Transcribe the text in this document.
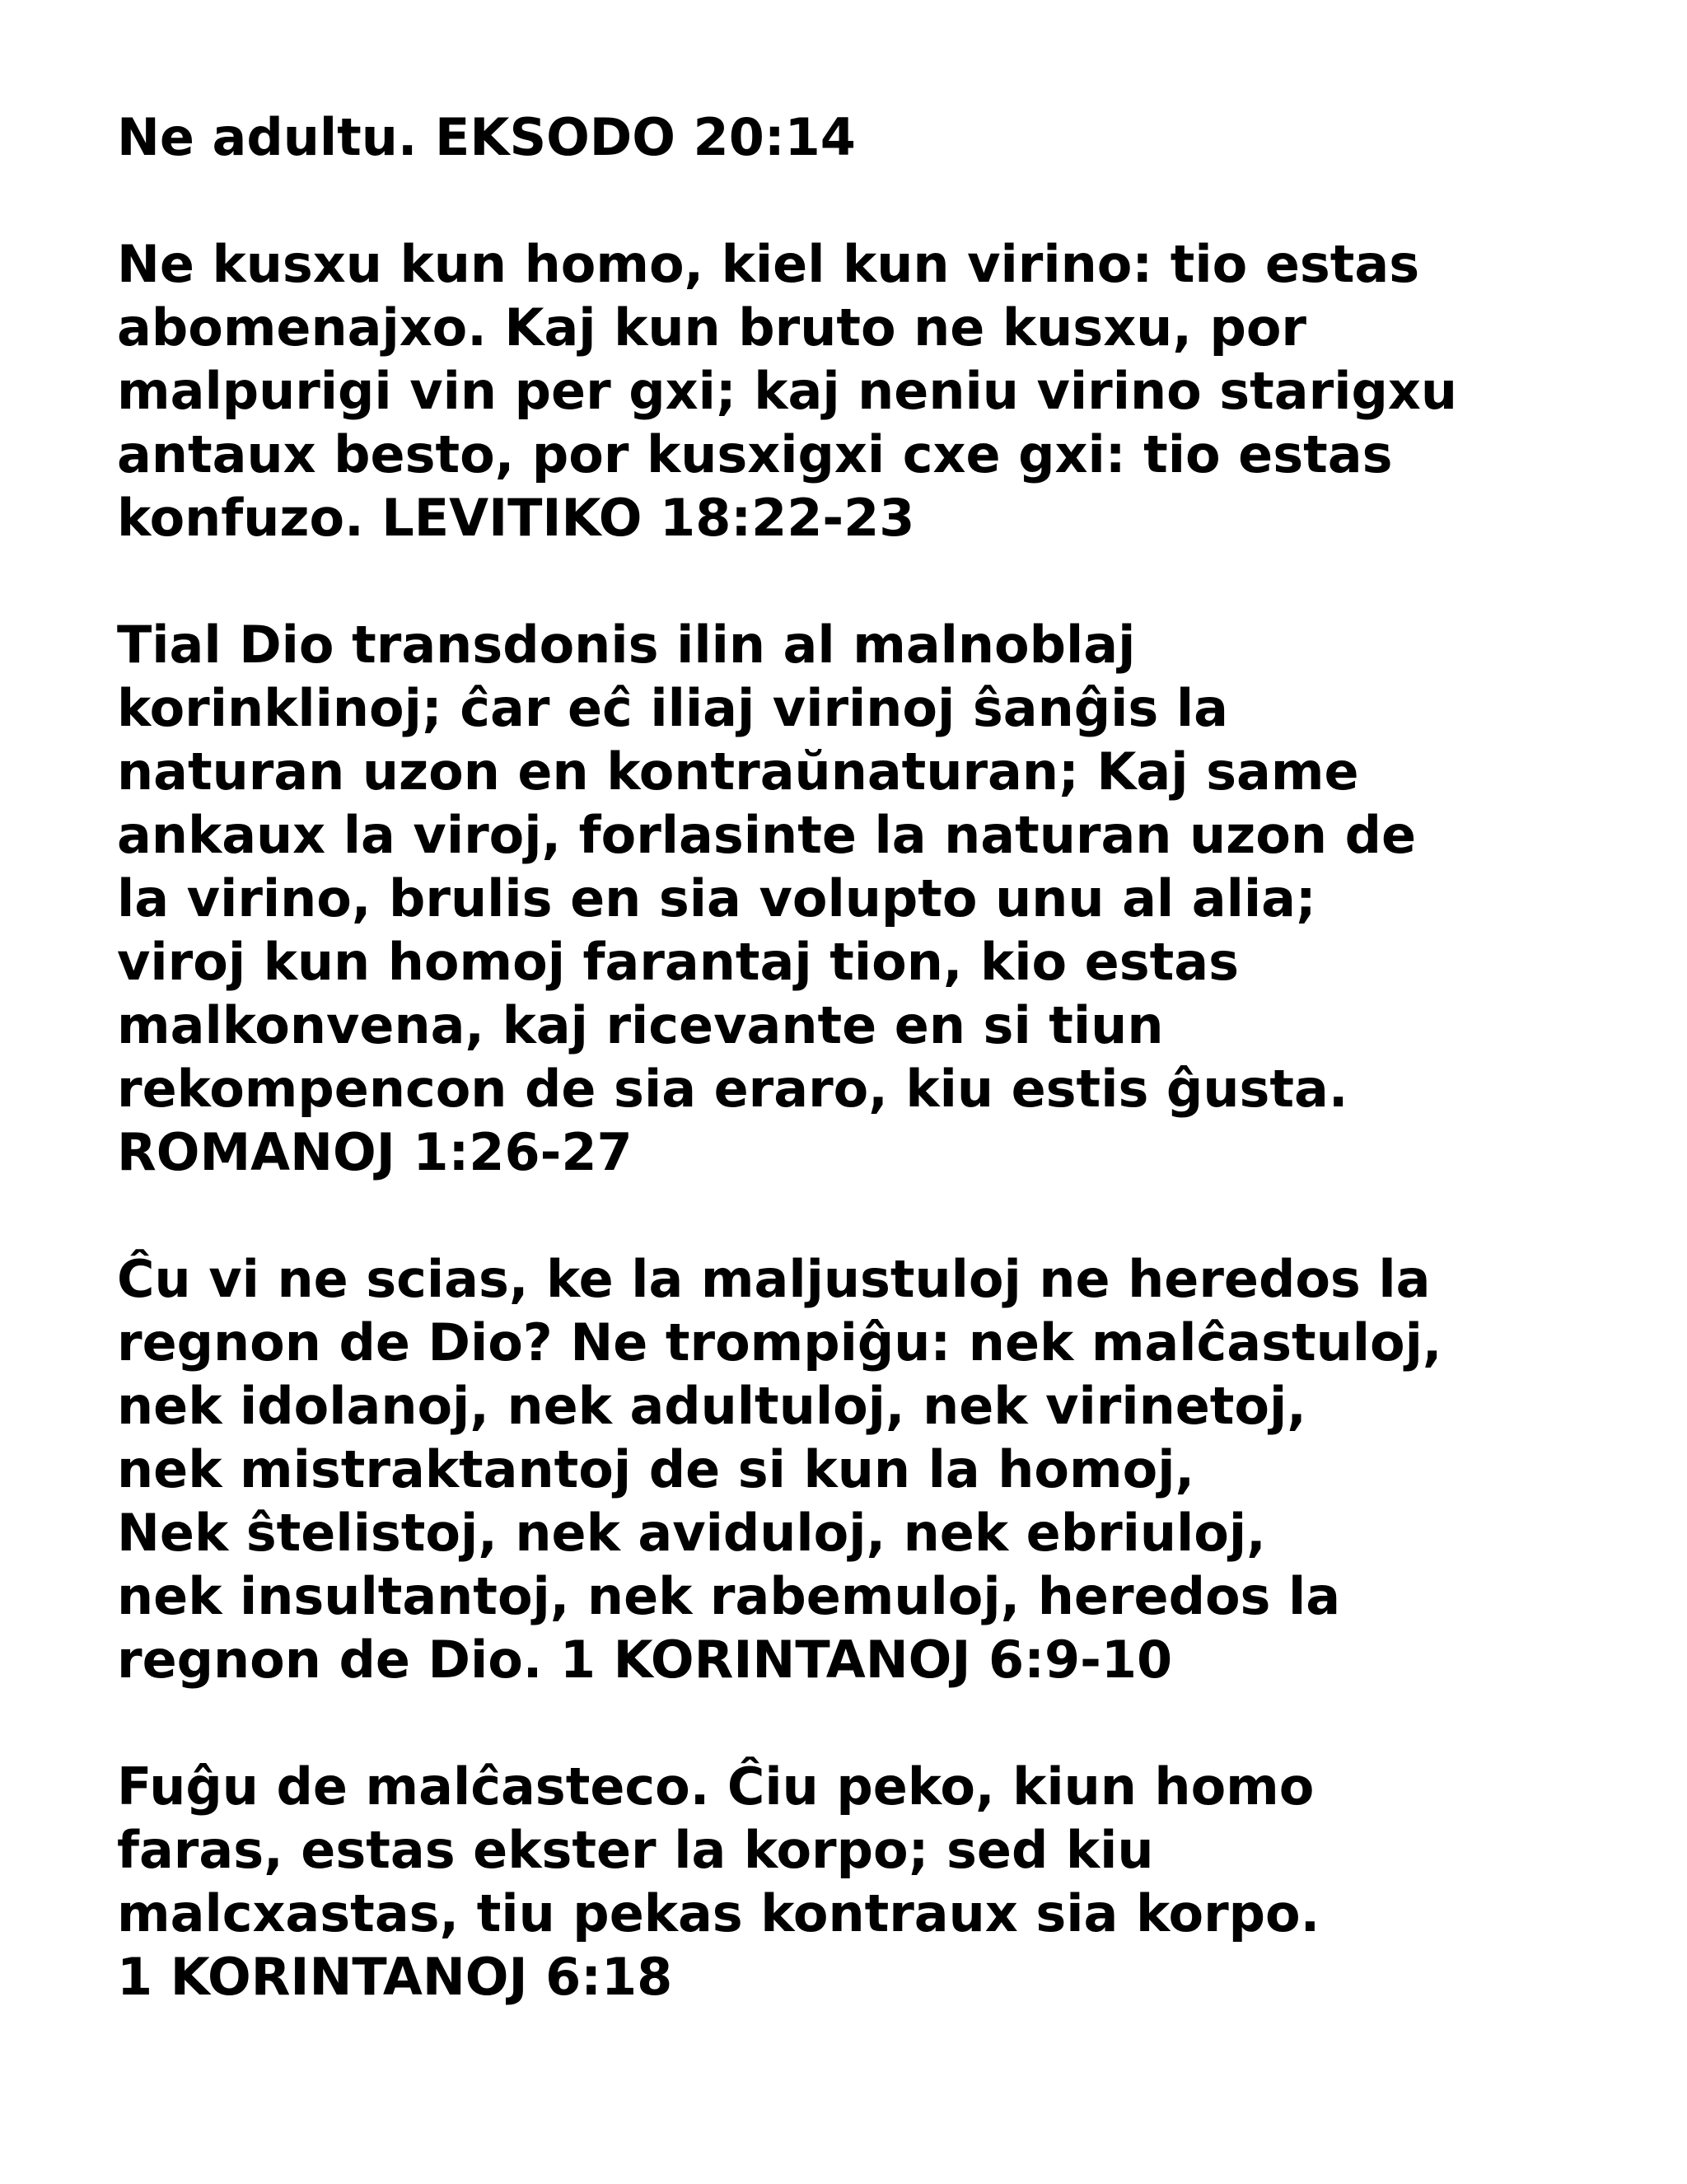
Ne adultu. EKSODO 20:14

Ne kusxu kun homo, kiel kun virino: tio estas
abomenajxo. Kaj kun bruto ne kusxu, por
malpurigi vin per gxi; kaj neniu virino starigxu
antaux besto, por kusxigxi cxe gxi: tio estas
konfuzo. LEVITIKO 18:22-23

Tial Dio transdonis ilin al malnoblaj
korinklinoj; ĉar eĉ iliaj virinoj ŝanĝis la
naturan uzon en kontraŭnaturan; Kaj same
ankaux la viroj, forlasinte la naturan uzon de
la virino, brulis en sia volupto unu al alia;
viroj kun homoj farantaj tion, kio estas
malkonvena, kaj ricevante en si tiun
rekompencon de sia eraro, kiu estis ĝusta.
ROMANOJ 1:26-27

Ĉu vi ne scias, ke la maljustuloj ne heredos la
regnon de Dio? Ne trompiĝu: nek malĉastuloj,
nek idolanoj, nek adultuloj, nek virinetoj,
nek mistraktantoj de si kun la homoj,
Nek ŝtelistoj, nek aviduloj, nek ebriuloj,
nek insultantoj, nek rabemuloj, heredos la
regnon de Dio. 1 KORINTANOJ 6:9-10

Fuĝu de malĉasteco. Ĉiu peko, kiun homo
faras, estas ekster la korpo; sed kiu
malcxastas, tiu pekas kontraux sia korpo.
1 KORINTANOJ 6:18
